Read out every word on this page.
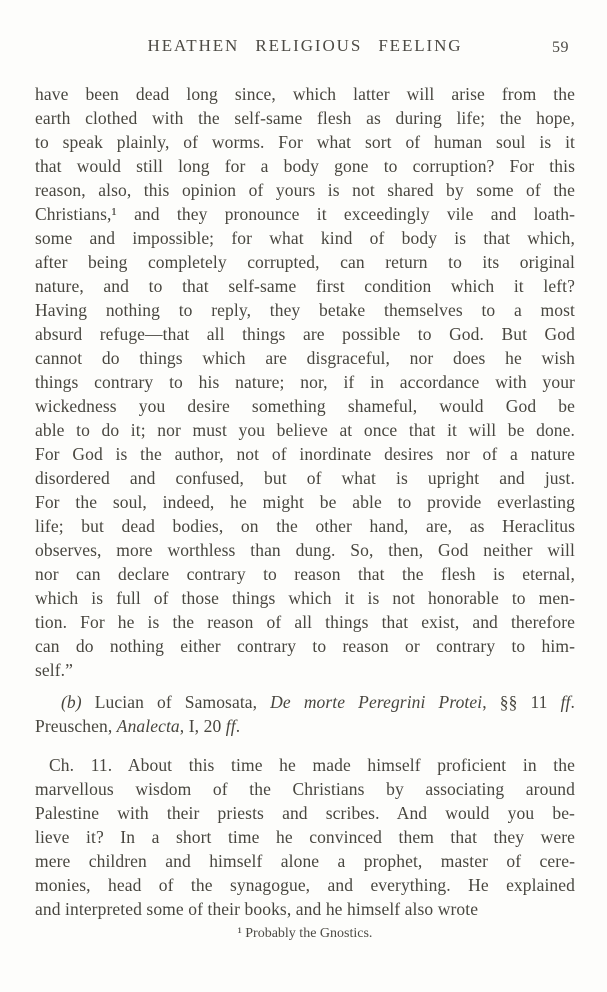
HEATHEN RELIGIOUS FEELING	59
have been dead long since, which latter will arise from the
earth clothed with the self-same flesh as during life; the hope,
to speak plainly, of worms. For what sort of human soul is it
that would still long for a body gone to corruption? For this
reason, also, this opinion of yours is not shared by some of the
Christians,¹ and they pronounce it exceedingly vile and loath-
some and impossible; for what kind of body is that which,
after being completely corrupted, can return to its original
nature, and to that self-same first condition which it left?
Having nothing to reply, they betake themselves to a most
absurd refuge—that all things are possible to God. But God
cannot do things which are disgraceful, nor does he wish
things contrary to his nature; nor, if in accordance with your
wickedness you desire something shameful, would God be
able to do it; nor must you believe at once that it will be done.
For God is the author, not of inordinate desires nor of a nature
disordered and confused, but of what is upright and just.
For the soul, indeed, he might be able to provide everlasting
life; but dead bodies, on the other hand, are, as Heraclitus
observes, more worthless than dung. So, then, God neither will
nor can declare contrary to reason that the flesh is eternal,
which is full of those things which it is not honorable to men-
tion. For he is the reason of all things that exist, and therefore
can do nothing either contrary to reason or contrary to him-
self.”
(b) Lucian of Samosata, De morte Peregrini Protei, §§ 11 ff.
Preuschen, Analecta, I, 20 ff.
Ch. 11. About this time he made himself proficient in the
marvellous wisdom of the Christians by associating around
Palestine with their priests and scribes. And would you be-
lieve it? In a short time he convinced them that they were
mere children and himself alone a prophet, master of cere-
monies, head of the synagogue, and everything. He explained
and interpreted some of their books, and he himself also wrote
¹ Probably the Gnostics.
